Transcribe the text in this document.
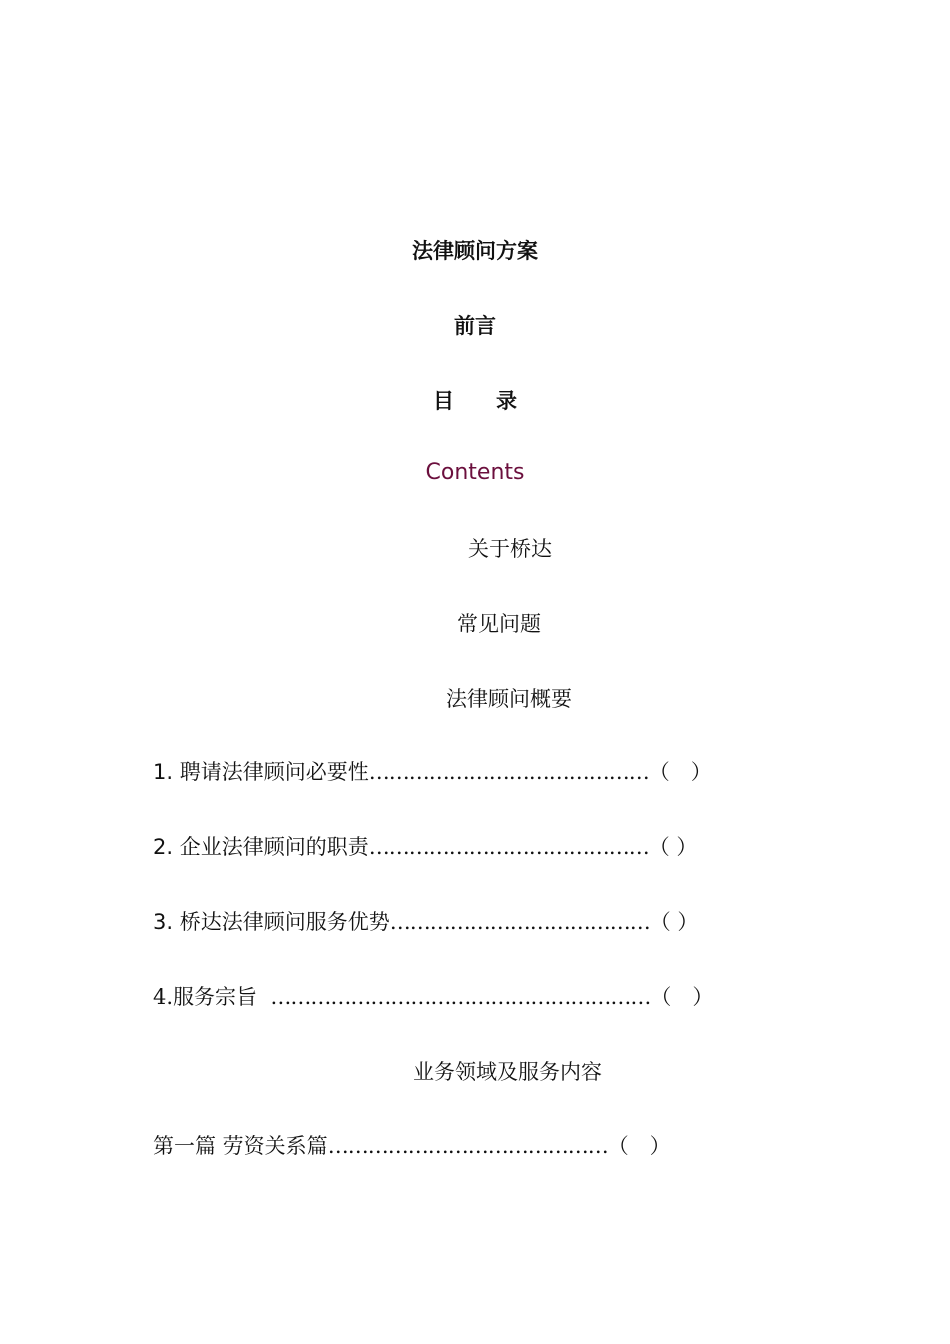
法律顾问方案
前言
目　　录
Contents
关于桥达
常见问题
法律顾问概要
1. 聘请法律顾问必要性……………………………………（　）
2. 企业法律顾问的职责……………………………………（ ）
3. 桥达法律顾问服务优势…………………………………（ ）
4.服务宗旨 …………………………………………………（　）
业务领域及服务内容
第一篇 劳资关系篇……………………………………（　）
